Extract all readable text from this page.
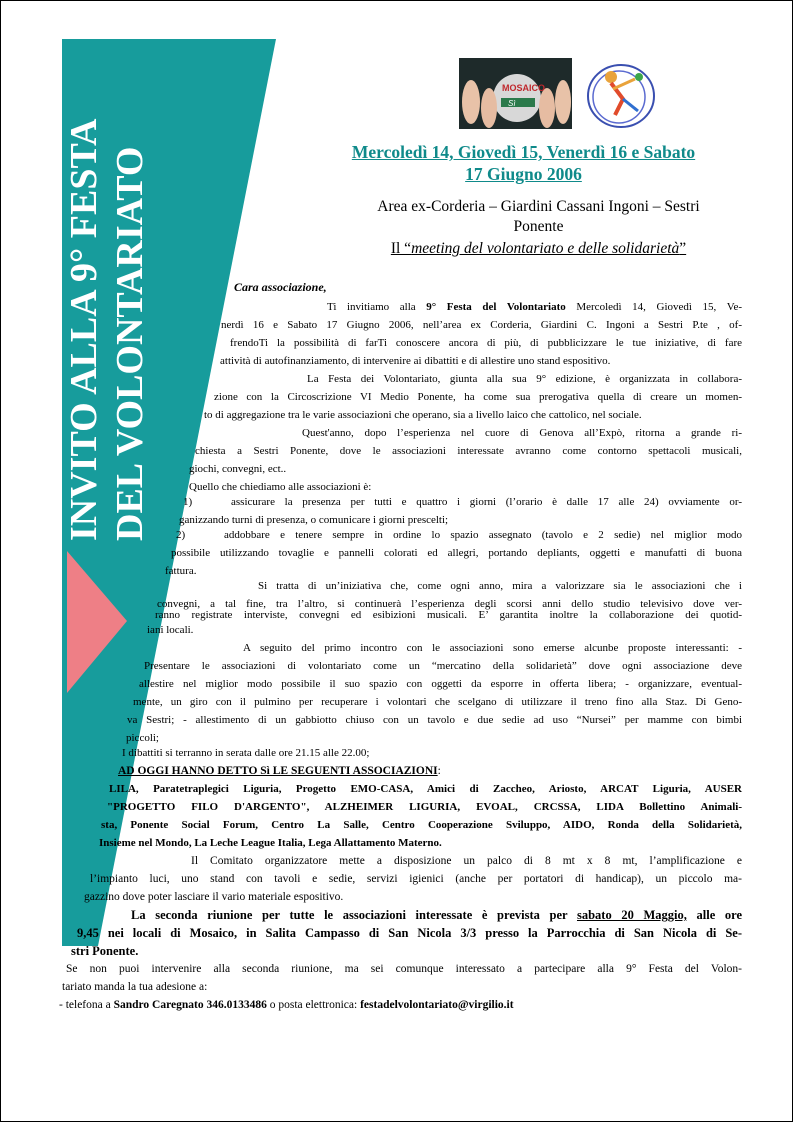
INVITO ALLA 9° FESTA DEL VOLONTARIATO
MOSAICO
Sì
Mercoledì 14, Giovedì 15, Venerdì 16 e Sabato
17 Giugno 2006
Area ex-Corderia – Giardini Cassani Ingoni – Sestri
Ponente
Il “meeting del volontariato e delle solidarietà”
Cara associazione,
Ti invitiamo alla 9° Festa del Volontariato Mercoledì 14, Giovedì 15, Ve-
nerdì 16 e Sabato 17 Giugno 2006, nell’area ex Corderia, Giardini C. Ingoni a Sestri P.te , of-
frendoTi la possibilità di farTi conoscere ancora di più, di pubblicizzare le tue iniziative, di fare
attività di autofinanziamento, di intervenire ai dibattiti e di allestire uno stand espositivo.
La Festa dei Volontariato, giunta alla sua 9° edizione, è organizzata in collabora-
zione con la Circoscrizione VI Medio Ponente, ha come sua prerogativa quella di creare un momen-
to di aggregazione tra le varie associazioni che operano, sia a livello laico che cattolico, nel sociale.
Quest'anno, dopo l’esperienza nel cuore di Genova all’Expò, ritorna a grande ri-
chiesta a Sestri Ponente, dove le associazioni interessate avranno come contorno spettacoli musicali,
giochi, convegni, ect..
Quello che chiediamo alle associazioni è:
1)	assicurare la presenza per tutti e quattro i giorni (l’orario è dalle 17 alle 24) ovviamente or-
ganizzando turni di presenza, o comunicare i giorni prescelti;
2)	addobbare e tenere sempre in ordine lo spazio assegnato (tavolo e 2 sedie) nel miglior modo
possibile utilizzando tovaglie e pannelli colorati ed allegri, portando depliants, oggetti e manufatti di buona
fattura.
Si tratta di un’iniziativa che, come ogni anno, mira a valorizzare sia le associazioni che i
convegni, a tal fine, tra l’altro, si continuerà l’esperienza degli scorsi anni dello studio televisivo dove ver-
ranno registrate interviste, convegni ed esibizioni musicali. E’ garantita inoltre la collaborazione dei quotid-
iani locali.
A seguito del primo incontro con le associazioni sono emerse alcunbe proposte interessanti: -
Presentare le associazioni di volontariato come un “mercatino della solidarietà” dove ogni associazione deve
allestire nel miglior modo possibile il suo spazio con oggetti da esporre in offerta libera; - organizzare, eventual-
mente, un giro con il pulmino per recuperare i volontari che scelgano di utilizzare il treno fino alla Staz. Di Geno-
va Sestri; - allestimento di un gabbiotto chiuso con un tavolo e due sedie ad uso “Nursei” per mamme con bimbi
piccoli;
I dibattiti si terranno in serata dalle ore 21.15 alle 22.00;
AD OGGI HANNO DETTO Sì LE SEGUENTI ASSOCIAZIONI:
LILA, Paratetraplegici Liguria, Progetto EMO-CASA, Amici di Zaccheo, Ariosto, ARCAT Liguria, AUSER
"PROGETTO FILO D'ARGENTO", ALZHEIMER LIGURIA, EVOAL, CRCSSA, LIDA Bollettino Animali-
sta, Ponente Social Forum, Centro La Salle, Centro Cooperazione Sviluppo, AIDO, Ronda della Solidarietà,
Insieme nel Mondo, La Leche League Italia, Lega Allattamento Materno.
Il Comitato organizzatore mette a disposizione un palco di 8 mt x 8 mt, l’amplificazione e
l’impianto luci, uno stand con tavoli e sedie, servizi igienici (anche per portatori di handicap), un piccolo ma-
gazzino dove poter lasciare il vario materiale espositivo.
La seconda riunione per tutte le associazioni interessate è prevista per sabato 20 Maggio, alle ore
9,45 nei locali di Mosaico, in Salita Campasso di San Nicola 3/3 presso la Parrocchia di San Nicola di Se-
stri Ponente.
Se non puoi intervenire alla seconda riunione, ma sei comunque interessato a partecipare alla 9° Festa del Volon-
tariato manda la tua adesione a:
- telefona a Sandro Caregnato 346.0133486 o posta elettronica: festadelvolontariato@virgilio.it
